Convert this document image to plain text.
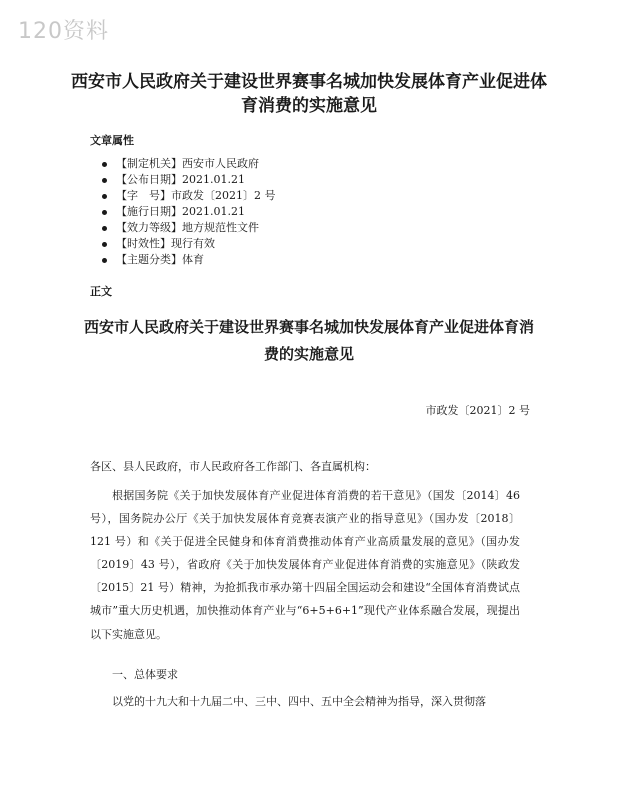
120资料
西安市人民政府关于建设世界赛事名城加快发展体育产业促进体育消费的实施意见
文章属性
【制定机关】西安市人民政府
【公布日期】2021.01.21
【字　号】市政发〔2021〕2 号
【施行日期】2021.01.21
【效力等级】地方规范性文件
【时效性】现行有效
【主题分类】体育
正文
西安市人民政府关于建设世界赛事名城加快发展体育产业促进体育消费的实施意见
市政发〔2021〕2 号
各区、县人民政府，市人民政府各工作部门、各直属机构：
根据国务院《关于加快发展体育产业促进体育消费的若干意见》（国发〔2014〕46 号），国务院办公厅《关于加快发展体育竞赛表演产业的指导意见》（国办发〔2018〕121 号）和《关于促进全民健身和体育消费推动体育产业高质量发展的意见》（国办发〔2019〕43 号），省政府《关于加快发展体育产业促进体育消费的实施意见》（陕政发〔2015〕21 号）精神，为抢抓我市承办第十四届全国运动会和建设“全国体育消费试点城市”重大历史机遇，加快推动体育产业与“6+5+6+1”现代产业体系融合发展，现提出以下实施意见。
一、总体要求
以党的十九大和十九届二中、三中、四中、五中全会精神为指导，深入贯彻落
